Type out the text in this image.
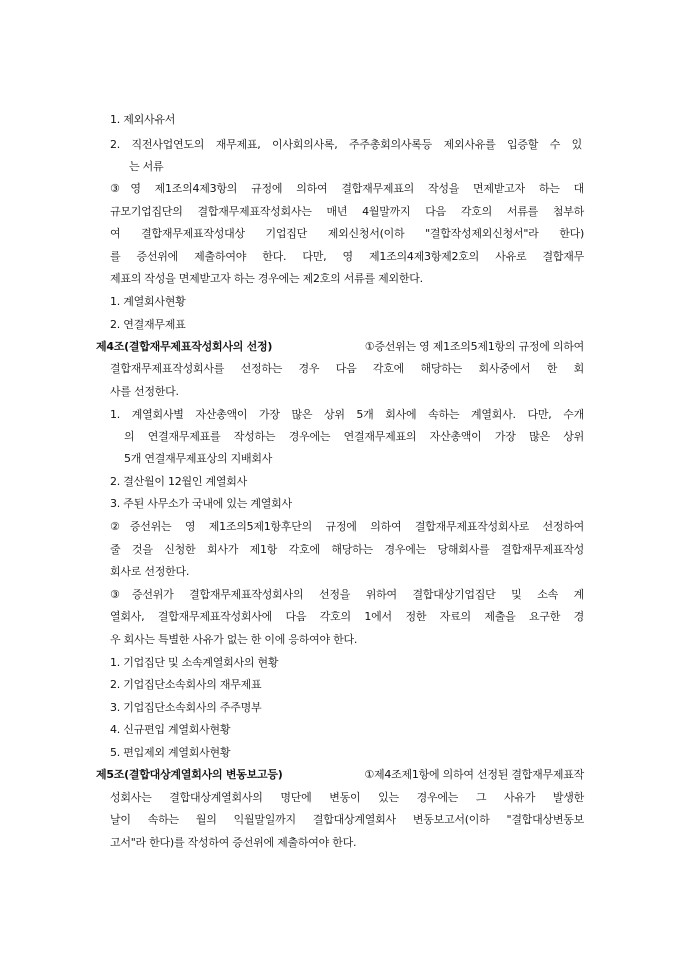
1. 제외사유서
2. 직전사업연도의 재무제표, 이사회의사록, 주주총회의사록등 제외사유를 입증할 수 있
는 서류
③영 제1조의4제3항의 규정에 의하여 결합재무제표의 작성을 면제받고자 하는 대
규모기업집단의 결합재무제표작성회사는 매년 4월말까지 다음 각호의 서류를 첨부하
여 결합재무제표작성대상 기업집단 제외신청서(이하 "결합작성제외신청서"라 한다)
를 증선위에 제출하여야 한다. 다만, 영 제1조의4제3항제2호의 사유로 결합재무
제표의 작성을 면제받고자 하는 경우에는 제2호의 서류를 제외한다.
1. 계열회사현황
2. 연결재무제표
제4조(결합재무제표작성회사의 선정)	①증선위는 영 제1조의5제1항의 규정에 의하여
결합재무제표작성회사를 선정하는 경우 다음 각호에 해당하는 회사중에서 한 회
사를 선정한다.
1. 계열회사별 자산총액이 가장 많은 상위 5개 회사에 속하는 계열회사. 다만, 수개
의 연결재무제표를 작성하는 경우에는 연결재무제표의 자산총액이 가장 많은 상위
5개 연결재무제표상의 지배회사
2. 결산월이 12월인 계열회사
3. 주된 사무소가 국내에 있는 계열회사
②증선위는 영 제1조의5제1항후단의 규정에 의하여 결합재무제표작성회사로 선정하여
줄 것을 신청한 회사가 제1항 각호에 해당하는 경우에는 당해회사를 결합재무제표작성
회사로 선정한다.
③증선위가 결합재무제표작성회사의 선정을 위하여 결합대상기업집단 및 소속 계
열회사, 결합재무제표작성회사에 다음 각호의 1에서 정한 자료의 제출을 요구한 경
우 회사는 특별한 사유가 없는 한 이에 응하여야 한다.
1. 기업집단 및 소속계열회사의 현황
2. 기업집단소속회사의 재무제표
3. 기업집단소속회사의 주주명부
4. 신규편입 계열회사현황
5. 편입제외 계열회사현황
제5조(결합대상계열회사의 변동보고등)	①제4조제1항에 의하여 선정된 결합재무제표작
성회사는 결합대상계열회사의 명단에 변동이 있는 경우에는 그 사유가 발생한
날이 속하는 월의 익월말일까지 결합대상계열회사 변동보고서(이하 "결합대상변동보
고서"라 한다)를 작성하여 증선위에 제출하여야 한다.
